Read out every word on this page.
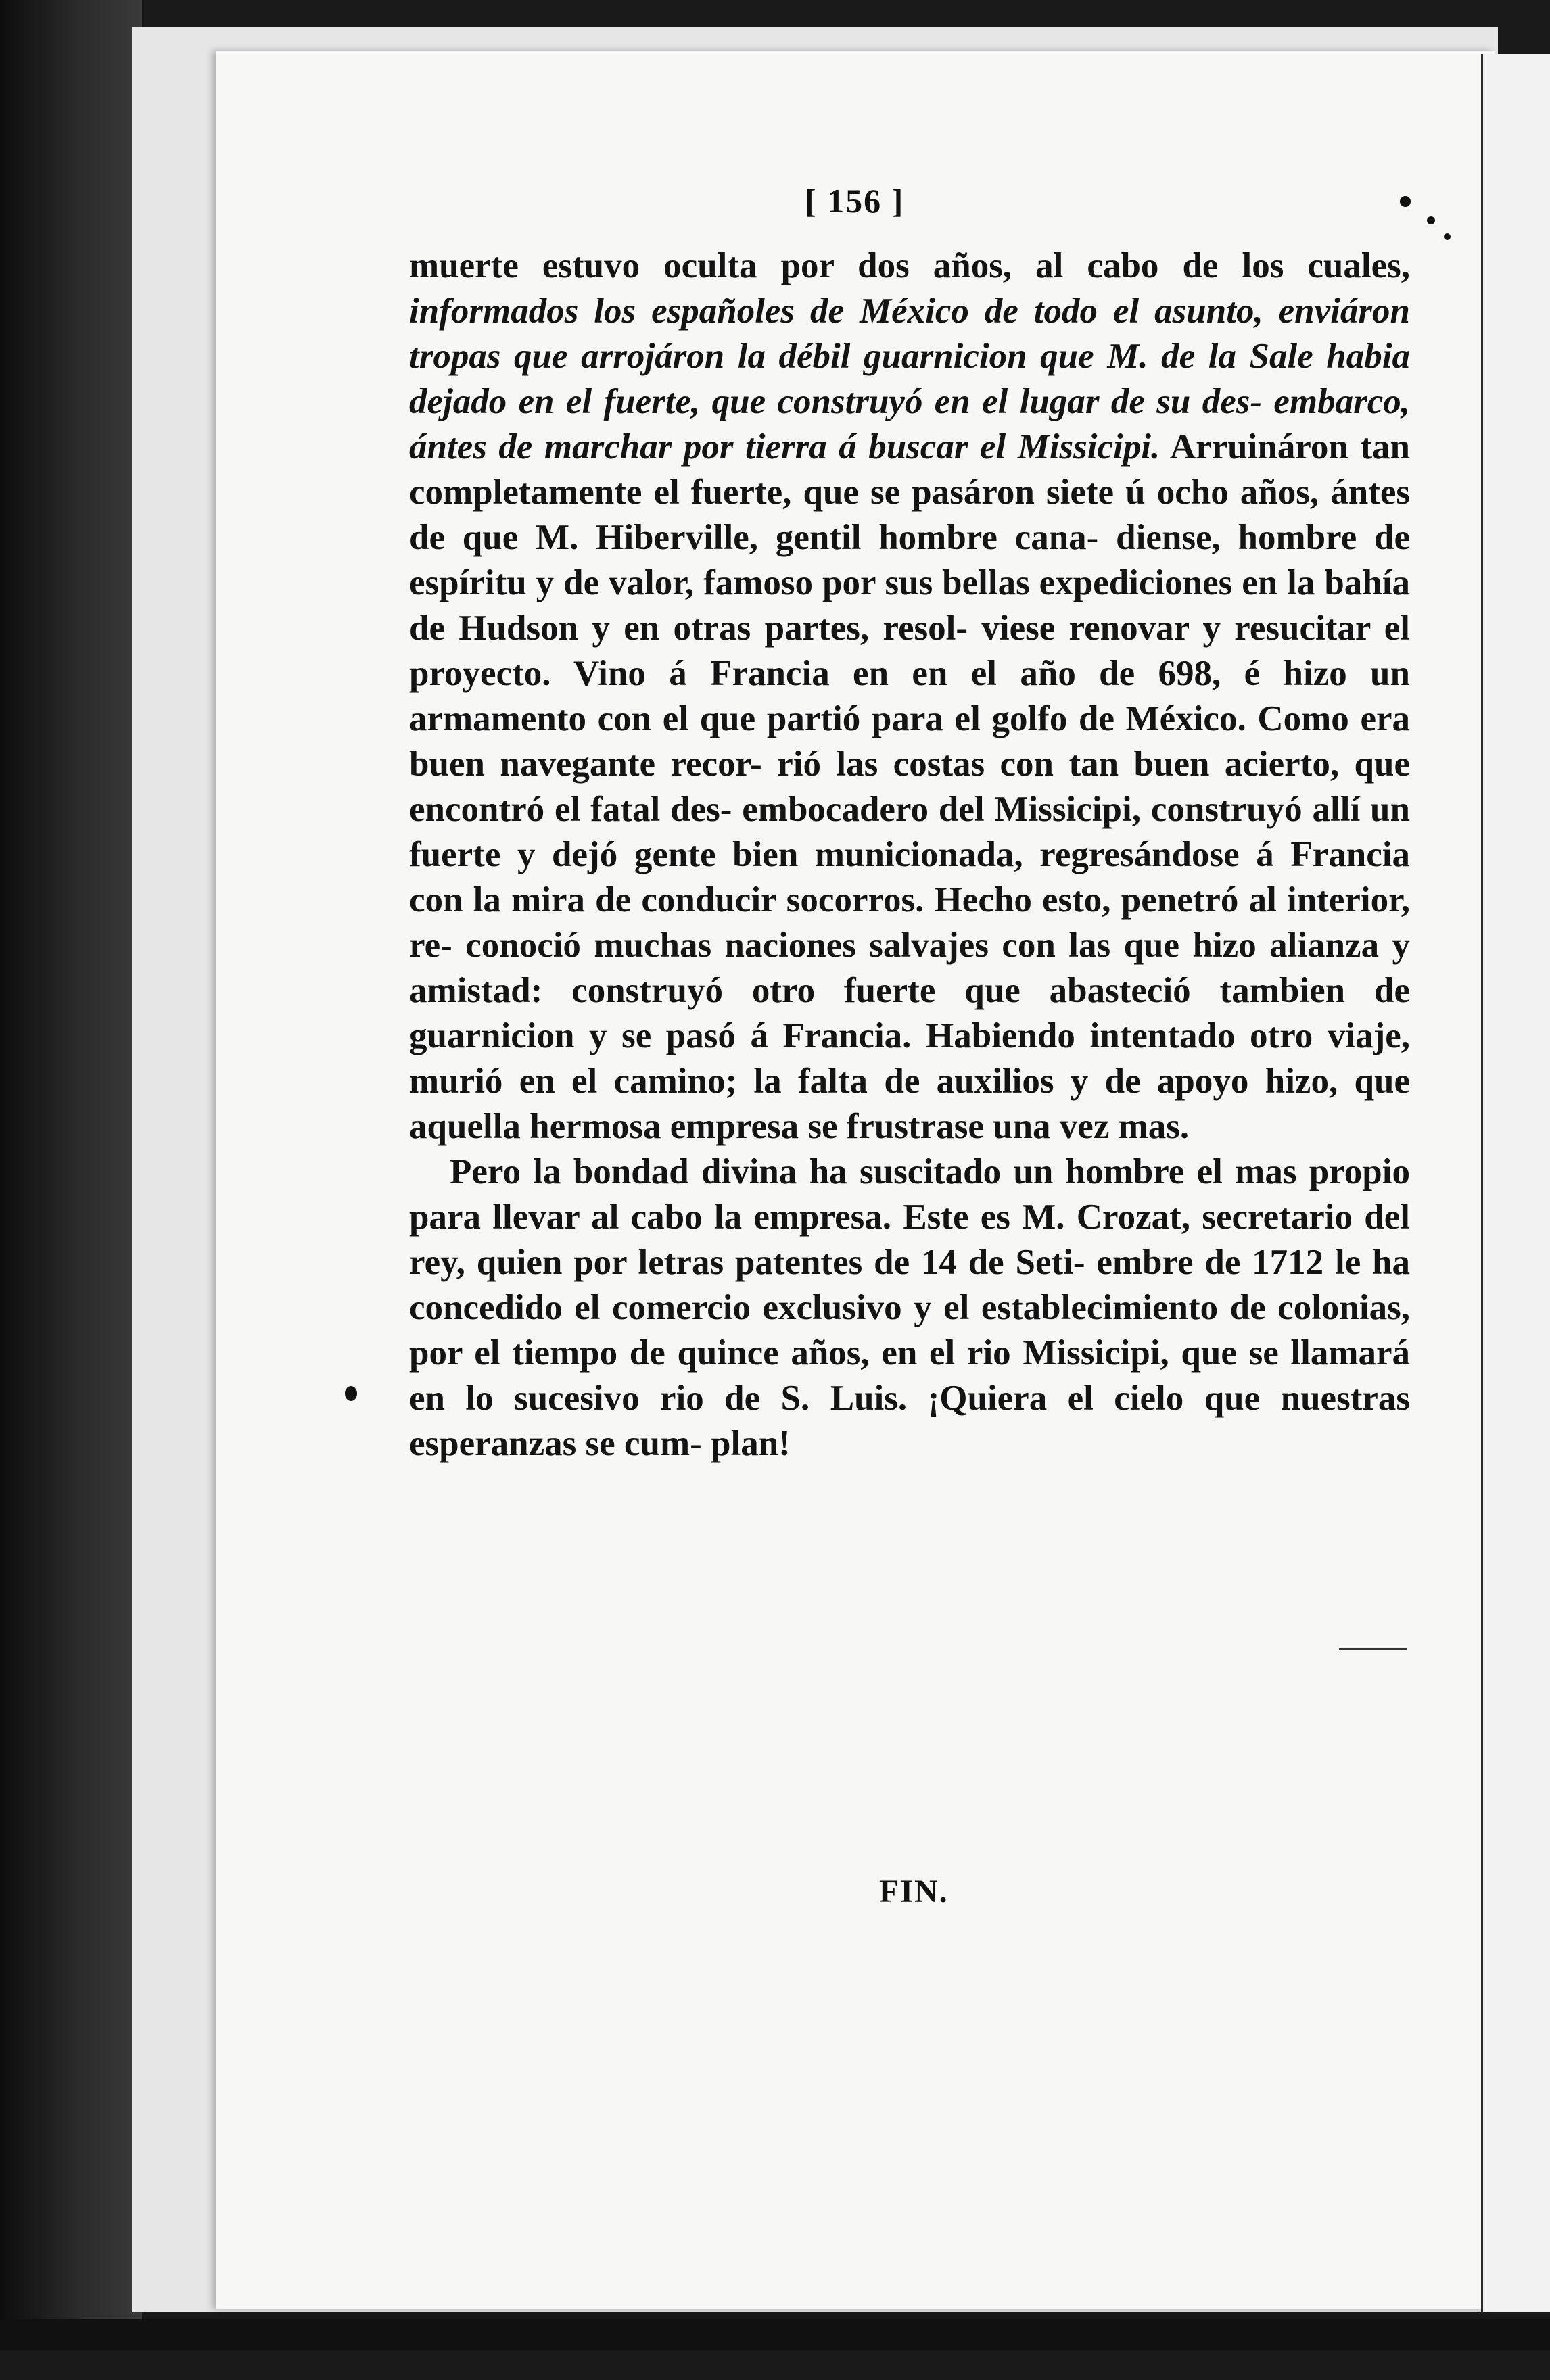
[ 156 ]

muerte estuvo oculta por dos años, al cabo de los cuales, informados los españoles de México de todo el asunto, enviáron tropas que arrojáron la débil guarnicion que M. de la Sale habia dejado en el fuerte, que construyó en el lugar de su des- embarco, ántes de marchar por tierra á buscar el Missicipi. Arruináron tan completamente el fuerte, que se pasáron siete ú ocho años, ántes de que M. Hiberville, gentil hombre cana- diense, hombre de espíritu y de valor, famoso por sus bellas expediciones en la bahía de Hudson y en otras partes, resol- viese renovar y resucitar el proyecto. Vino á Francia en en el año de 698, é hizo un armamento con el que partió para el golfo de México. Como era buen navegante recor- rió las costas con tan buen acierto, que encontró el fatal des- embocadero del Missicipi, construyó allí un fuerte y dejó gente bien municionada, regresándose á Francia con la mira de conducir socorros. Hecho esto, penetró al interior, re- conoció muchas naciones salvajes con las que hizo alianza y amistad: construyó otro fuerte que abasteció tambien de guarnicion y se pasó á Francia. Habiendo intentado otro viaje, murió en el camino; la falta de auxilios y de apoyo hizo, que aquella hermosa empresa se frustrase una vez mas.

Pero la bondad divina ha suscitado un hombre el mas propio para llevar al cabo la empresa. Este es M. Crozat, secretario del rey, quien por letras patentes de 14 de Seti- embre de 1712 le ha concedido el comercio exclusivo y el establecimiento de colonias, por el tiempo de quince años, en el rio Missicipi, que se llamará en lo sucesivo rio de S. Luis. ¡Quiera el cielo que nuestras esperanzas se cum- plan!

FIN.
